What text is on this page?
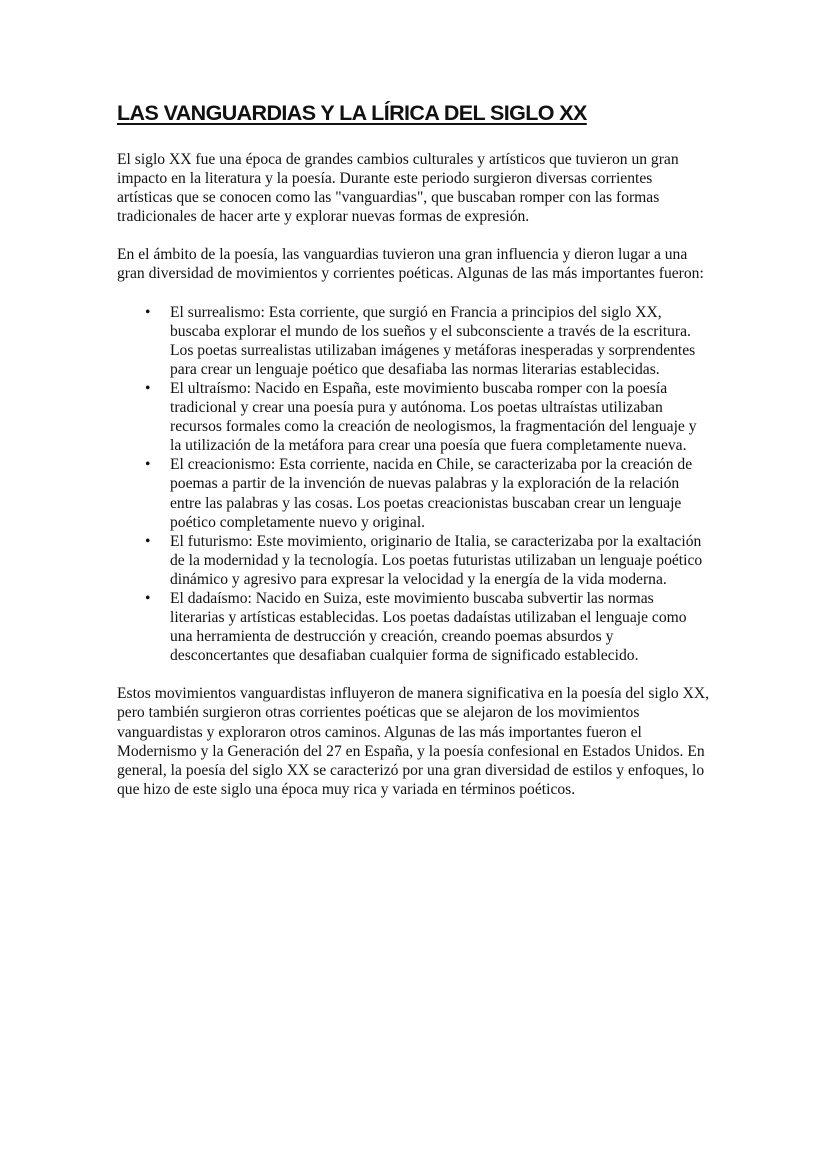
LAS VANGUARDIAS Y LA LÍRICA DEL SIGLO XX

El siglo XX fue una época de grandes cambios culturales y artísticos que tuvieron un gran impacto en la literatura y la poesía. Durante este periodo surgieron diversas corrientes artísticas que se conocen como las "vanguardias", que buscaban romper con las formas tradicionales de hacer arte y explorar nuevas formas de expresión.

En el ámbito de la poesía, las vanguardias tuvieron una gran influencia y dieron lugar a una gran diversidad de movimientos y corrientes poéticas. Algunas de las más importantes fueron:

• El surrealismo: Esta corriente, que surgió en Francia a principios del siglo XX, buscaba explorar el mundo de los sueños y el subconsciente a través de la escritura. Los poetas surrealistas utilizaban imágenes y metáforas inesperadas y sorprendentes para crear un lenguaje poético que desafiaba las normas literarias establecidas.
• El ultraísmo: Nacido en España, este movimiento buscaba romper con la poesía tradicional y crear una poesía pura y autónoma. Los poetas ultraístas utilizaban recursos formales como la creación de neologismos, la fragmentación del lenguaje y la utilización de la metáfora para crear una poesía que fuera completamente nueva.
• El creacionismo: Esta corriente, nacida en Chile, se caracterizaba por la creación de poemas a partir de la invención de nuevas palabras y la exploración de la relación entre las palabras y las cosas. Los poetas creacionistas buscaban crear un lenguaje poético completamente nuevo y original.
• El futurismo: Este movimiento, originario de Italia, se caracterizaba por la exaltación de la modernidad y la tecnología. Los poetas futuristas utilizaban un lenguaje poético dinámico y agresivo para expresar la velocidad y la energía de la vida moderna.
• El dadaísmo: Nacido en Suiza, este movimiento buscaba subvertir las normas literarias y artísticas establecidas. Los poetas dadaístas utilizaban el lenguaje como una herramienta de destrucción y creación, creando poemas absurdos y desconcertantes que desafiaban cualquier forma de significado establecido.

Estos movimientos vanguardistas influyeron de manera significativa en la poesía del siglo XX, pero también surgieron otras corrientes poéticas que se alejaron de los movimientos vanguardistas y exploraron otros caminos. Algunas de las más importantes fueron el Modernismo y la Generación del 27 en España, y la poesía confesional en Estados Unidos. En general, la poesía del siglo XX se caracterizó por una gran diversidad de estilos y enfoques, lo que hizo de este siglo una época muy rica y variada en términos poéticos.
